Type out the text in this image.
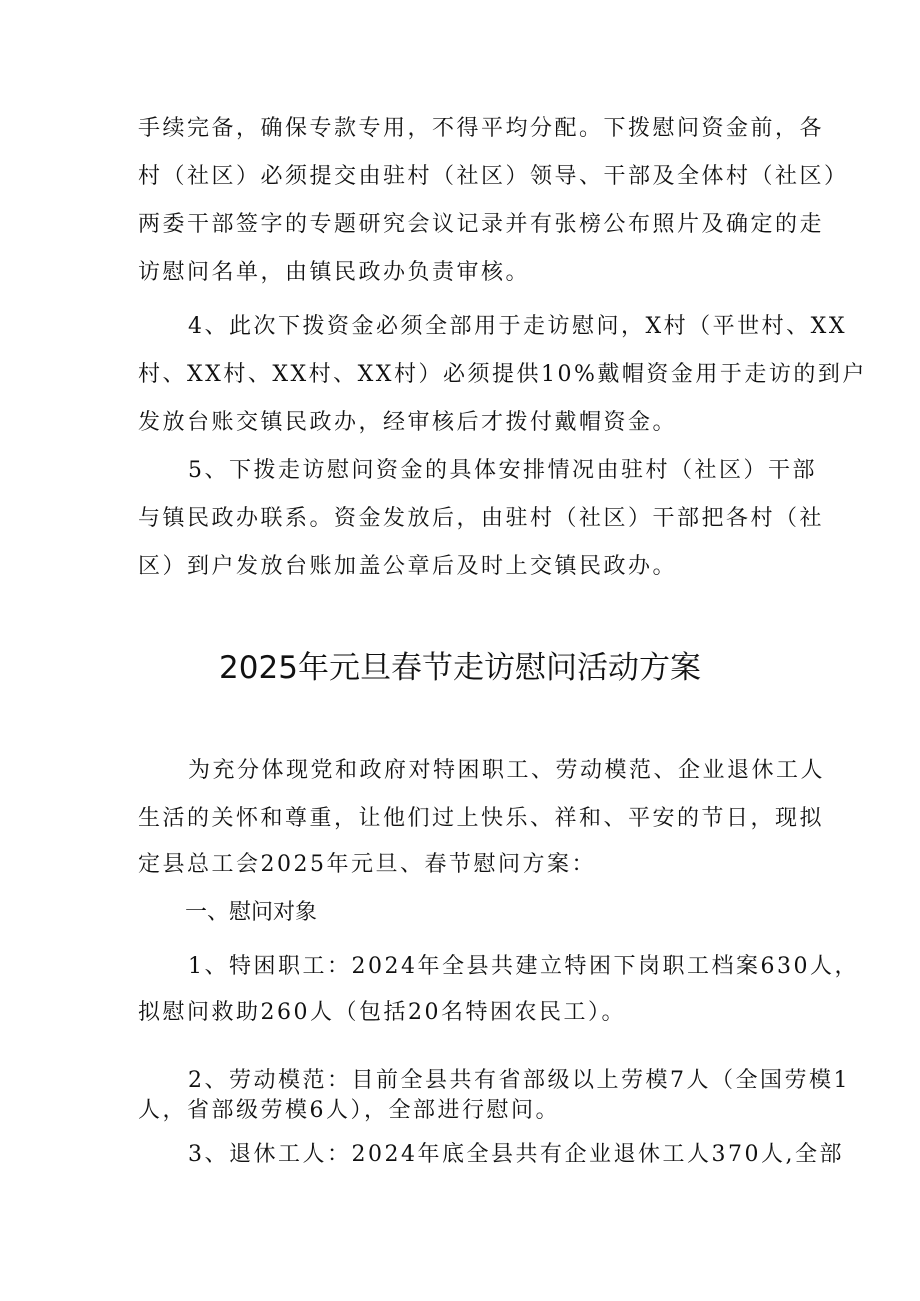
手续完备，确保专款专用，不得平均分配。下拨慰问资金前，各
村（社区）必须提交由驻村（社区）领导、干部及全体村（社区）
两委干部签字的专题研究会议记录并有张榜公布照片及确定的走
访慰问名单，由镇民政办负责审核。
4、此次下拨资金必须全部用于走访慰问，X村（平世村、XX
村、XX村、XX村、XX村）必须提供10%戴帽资金用于走访的到户
发放台账交镇民政办，经审核后才拨付戴帽资金。
5、下拨走访慰问资金的具体安排情况由驻村（社区）干部
与镇民政办联系。资金发放后，由驻村（社区）干部把各村（社
区）到户发放台账加盖公章后及时上交镇民政办。
2025年元旦春节走访慰问活动方案
为充分体现党和政府对特困职工、劳动模范、企业退休工人
生活的关怀和尊重，让他们过上快乐、祥和、平安的节日，现拟
定县总工会2025年元旦、春节慰问方案：
一、慰问对象
1、特困职工：2024年全县共建立特困下岗职工档案630人，
拟慰问救助260人（包括20名特困农民工）。
2、劳动模范：目前全县共有省部级以上劳模7人（全国劳模1
人，省部级劳模6人），全部进行慰问。
3、退休工人：2024年底全县共有企业退休工人370人,全部
